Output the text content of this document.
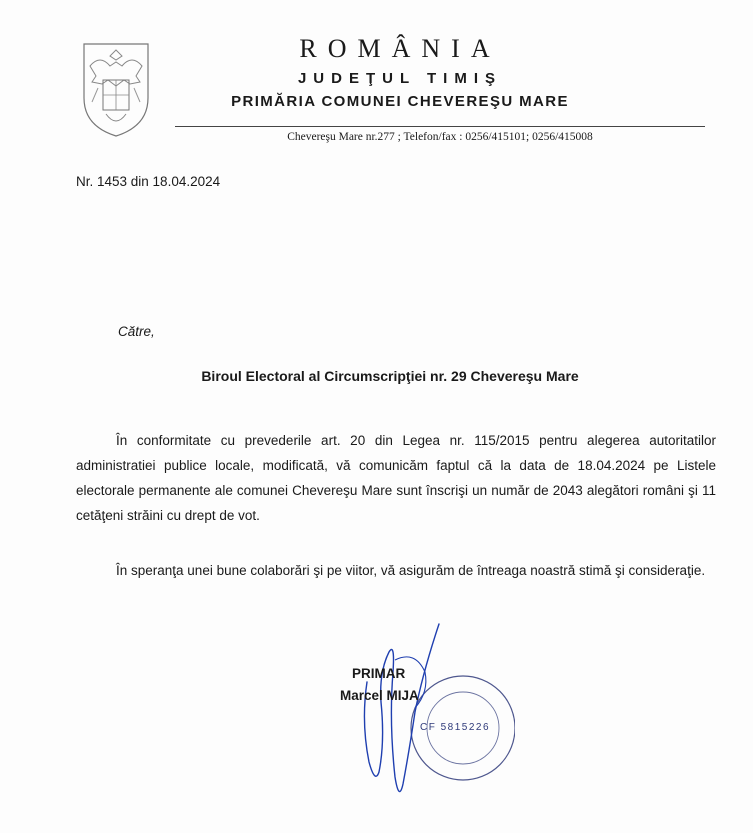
ROMÂNIA
JUDEŢUL TIMIŞ
PRIMĂRIA COMUNEI CHEVEREŞU MARE
Chevereşu Mare nr.277 ; Telefon/fax : 0256/415101; 0256/415008
Nr. 1453 din 18.04.2024
Către,
Biroul Electoral al Circumscripţiei nr. 29 Chevereşu Mare

În conformitate cu prevederile art. 20 din Legea nr. 115/2015 pentru alegerea autoritatilor administratiei publice locale, modificată, vă comunicăm faptul că la data de 18.04.2024 pe Listele electorale permanente ale comunei Chevereşu Mare sunt înscrişi un număr de 2043 alegători români şi 11 cetăţeni străini cu drept de vot.

În speranţa unei bune colaborări şi pe viitor, vă asigurăm de întreaga noastră stimă şi consideraţie.

CF 5815226
PRIMAR
Marcel MIJA
